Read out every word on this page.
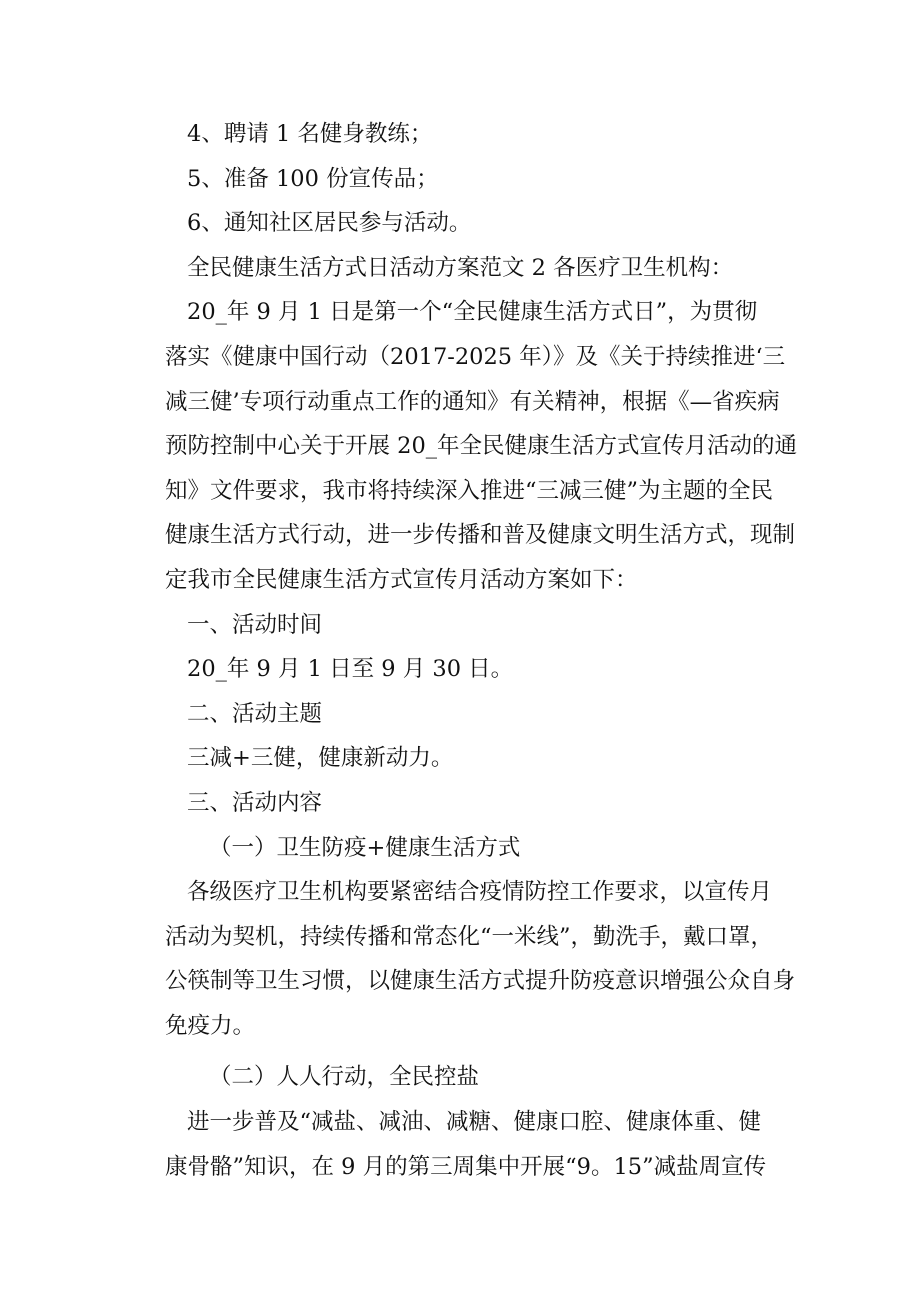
4、聘请 1 名健身教练；

5、准备 100 份宣传品；

6、通知社区居民参与活动。

全民健康生活方式日活动方案范文 2 各医疗卫生机构：

20_年 9 月 1 日是第一个“全民健康生活方式日”，为贯彻

落实《健康中国行动（2017-2025 年）》及《关于持续推进‘三

减三健’专项行动重点工作的通知》有关精神，根据《—省疾病

预防控制中心关于开展 20_年全民健康生活方式宣传月活动的通

知》文件要求，我市将持续深入推进“三减三健”为主题的全民

健康生活方式行动，进一步传播和普及健康文明生活方式，现制

定我市全民健康生活方式宣传月活动方案如下：

一、活动时间

20_年 9 月 1 日至 9 月 30 日。

二、活动主题

三减+三健，健康新动力。

三、活动内容

（一）卫生防疫+健康生活方式

各级医疗卫生机构要紧密结合疫情防控工作要求，以宣传月

活动为契机，持续传播和常态化“一米线”，勤洗手，戴口罩，

公筷制等卫生习惯，以健康生活方式提升防疫意识增强公众自身

免疫力。

（二）人人行动，全民控盐

进一步普及“减盐、减油、减糖、健康口腔、健康体重、健

康骨骼”知识，在 9 月的第三周集中开展“9。15”减盐周宣传
